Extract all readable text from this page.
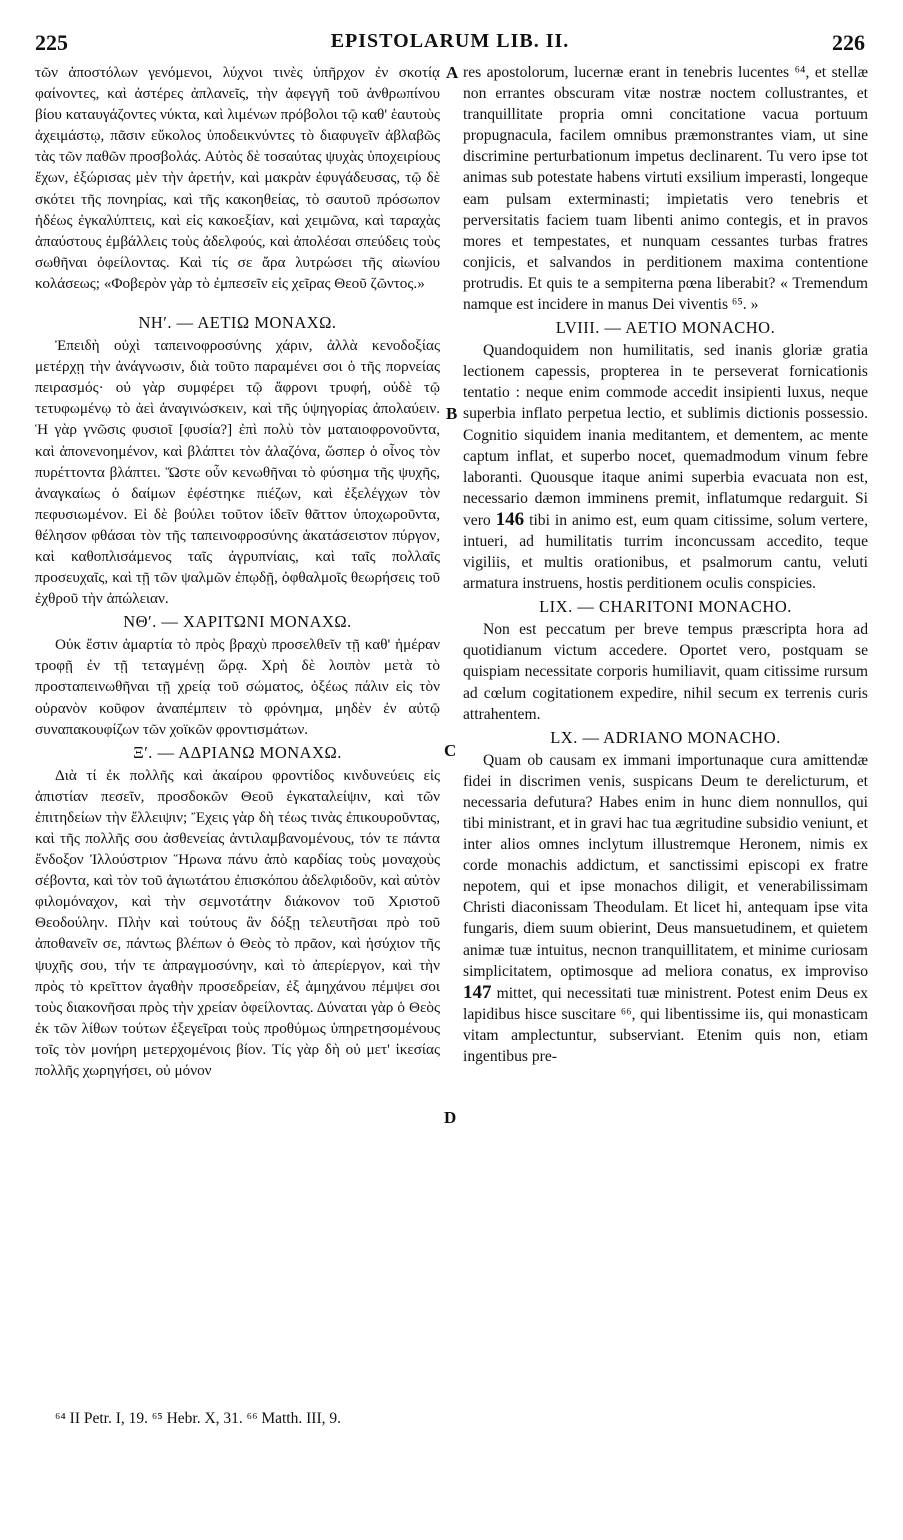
225	EPISTOLARUM LIB. II.	226
A
B
C
D

τῶν ἀποστόλων γενόμενοι, λύχνοι τινὲς ὑπῆρχον ἐν σκοτίᾳ φαίνοντες, καὶ ἀστέρες ἀπλανεῖς, τὴν ἀφεγγῆ τοῦ ἀνθρωπίνου βίου καταυγάζοντες νύκτα, καὶ λιμένων πρόβολοι τῷ καθ' ἑαυτοὺς ἀχειμάστῳ, πᾶσιν εὔκολος ὑποδεικνύντες τὸ διαφυγεῖν ἀβλαβῶς τὰς τῶν παθῶν προσβολάς. Αὐτὸς δὲ τοσαύτας ψυχὰς ὑποχειρίους ἔχων, ἐξώρισας μὲν τὴν ἀρετήν, καὶ μακρὰν ἐφυγάδευσας, τῷ δὲ σκότει τῆς πονηρίας, καὶ τῆς κακοηθείας, τὸ σαυτοῦ πρόσωπον ἡδέως ἐγκαλύπτεις, καὶ εἰς κακοεξίαν, καὶ χειμῶνα, καὶ ταραχὰς ἀπαύστους ἐμβάλλεις τοὺς ἀδελφούς, καὶ ἀπολέσαι σπεύδεις τοὺς σωθῆναι ὀφείλοντας. Καὶ τίς σε ἄρα λυτρώσει τῆς αἰωνίου κολάσεως; «Φοβερὸν γὰρ τὸ ἐμπεσεῖν εἰς χεῖρας Θεοῦ ζῶντος.»

ΝΗʹ. — ΑΕΤΙΩ ΜΟΝΑΧΩ.

Ἐπειδὴ οὐχὶ ταπεινοφροσύνης χάριν, ἀλλὰ κενοδοξίας μετέρχῃ τὴν ἀνάγνωσιν, διὰ τοῦτο παραμένει σοι ὁ τῆς πορνείας πειρασμός· οὐ γὰρ συμφέρει τῷ ἄφρονι τρυφή, οὐδὲ τῷ τετυφωμένῳ τὸ ἀεὶ ἀναγινώσκειν, καὶ τῆς ὑψηγορίας ἀπολαύειν. Ἡ γὰρ γνῶσις φυσιοῖ [φυσία?] ἐπὶ πολὺ τὸν ματαιοφρονοῦντα, καὶ ἀπονενοημένον, καὶ βλάπτει τὸν ἀλαζόνα, ὥσπερ ὁ οἶνος τὸν πυρέττοντα βλάπτει. Ὥστε οὖν κενωθῆναι τὸ φύσημα τῆς ψυχῆς, ἀναγκαίως ὁ δαίμων ἐφέστηκε πιέζων, καὶ ἐξελέγχων τὸν πεφυσιωμένον. Εἰ δὲ βούλει τοῦτον ἰδεῖν θᾶττον ὑποχωροῦντα, θέλησον φθάσαι τὸν τῆς ταπεινοφροσύνης ἀκατάσειστον πύργον, καὶ καθοπλισάμενος ταῖς ἀγρυπνίαις, καὶ ταῖς πολλαῖς προσευχαῖς, καὶ τῇ τῶν ψαλμῶν ἐπῳδῇ, ὀφθαλμοῖς θεωρήσεις τοῦ ἐχθροῦ τὴν ἀπώλειαν.

ΝΘʹ. — ΧΑΡΙΤΩΝΙ ΜΟΝΑΧΩ.

Οὐκ ἔστιν ἁμαρτία τὸ πρὸς βραχὺ προσελθεῖν τῇ καθ' ἡμέραν τροφῇ ἐν τῇ τεταγμένῃ ὥρᾳ. Χρὴ δὲ λοιπὸν μετὰ τὸ προσταπεινωθῆναι τῇ χρείᾳ τοῦ σώματος, ὀξέως πάλιν εἰς τὸν οὐρανὸν κοῦφον ἀναπέμπειν τὸ φρόνημα, μηδὲν ἐν αὐτῷ συναπακουφίζων τῶν χοϊκῶν φροντισμάτων.

Ξʹ. — ΑΔΡΙΑΝΩ ΜΟΝΑΧΩ.

Διὰ τί ἐκ πολλῆς καὶ ἀκαίρου φροντίδος κινδυνεύεις εἰς ἀπιστίαν πεσεῖν, προσδοκῶν Θεοῦ ἐγκαταλείψιν, καὶ τῶν ἐπιτηδείων τὴν ἔλλειψιν; Ἔχεις γὰρ δὴ τέως τινὰς ἐπικουροῦντας, καὶ τῆς πολλῆς σου ἀσθενείας ἀντιλαμβανομένους, τόν τε πάντα ἔνδοξον Ἰλλούστριον Ἥρωνα πάνυ ἀπὸ καρδίας τοὺς μοναχοὺς σέβοντα, καὶ τὸν τοῦ ἁγιωτάτου ἐπισκόπου ἀδελφιδοῦν, καὶ αὐτὸν φιλομόναχον, καὶ τὴν σεμνοτάτην διάκονον τοῦ Χριστοῦ Θεοδούλην. Πλὴν καὶ τούτους ἂν δόξῃ τελευτῆσαι πρὸ τοῦ ἀποθανεῖν σε, πάντως βλέπων ὁ Θεὸς τὸ πρᾶον, καὶ ἡσύχιον τῆς ψυχῆς σου, τήν τε ἀπραγμοσύνην, καὶ τὸ ἀπερίεργον, καὶ τὴν πρὸς τὸ κρεῖττον ἀγαθὴν προσεδρείαν, ἐξ ἀμηχάνου πέμψει σοι τοὺς διακονῆσαι πρὸς τὴν χρείαν ὀφείλοντας. Δύναται γὰρ ὁ Θεὸς ἐκ τῶν λίθων τούτων ἐξεγεῖραι τοὺς προθύμως ὑπηρετησομένους τοῖς τὸν μονήρη μετερχομένοις βίον. Τίς γὰρ δὴ οὐ μετ' ἱκεσίας πολλῆς χωρηγήσει, οὐ μόνον

res apostolorum, lucernæ erant in tenebris lucentes ⁶⁴, et stellæ non errantes obscuram vitæ nostræ noctem collustrantes, et tranquillitate propria omni concitatione vacua portuum propugnacula, facilem omnibus præmonstrantes viam, ut sine discrimine perturbationum impetus declinarent. Tu vero ipse tot animas sub potestate habens virtuti exsilium imperasti, longeque eam pulsam exterminasti; impietatis vero tenebris et perversitatis faciem tuam libenti animo contegis, et in pravos mores et tempestates, et nunquam cessantes turbas fratres conjicis, et salvandos in perditionem maxima contentione protrudis. Et quis te a sempiterna pœna liberabit? « Tremendum namque est incidere in manus Dei viventis ⁶⁵. »

LVIII. — AETIO MONACHO.

Quandoquidem non humilitatis, sed inanis gloriæ gratia lectionem capessis, propterea in te perseverat fornicationis tentatio : neque enim commode accedit insipienti luxus, neque superbia inflato perpetua lectio, et sublimis dictionis possessio. Cognitio siquidem inania meditantem, et dementem, ac mente captum inflat, et superbo nocet, quemadmodum vinum febre laboranti. Quousque itaque animi superbia evacuata non est, necessario dæmon imminens premit, inflatumque redarguit. Si vero 146 tibi in animo est, eum quam citissime, solum vertere, intueri, ad humilitatis turrim inconcussam accedito, teque vigiliis, et multis orationibus, et psalmorum cantu, veluti armatura instruens, hostis perditionem oculis conspicies.

LIX. — CHARITONI MONACHO.

Non est peccatum per breve tempus præscripta hora ad quotidianum victum accedere. Oportet vero, postquam se quispiam necessitate corporis humiliavit, quam citissime rursum ad cœlum cogitationem expedire, nihil secum ex terrenis curis attrahentem.

LX. — ADRIANO MONACHO.

Quam ob causam ex immani importunaque cura amittendæ fidei in discrimen venis, suspicans Deum te derelicturum, et necessaria defutura? Habes enim in hunc diem nonnullos, qui tibi ministrant, et in gravi hac tua ægritudine subsidio veniunt, et inter alios omnes inclytum illustremque Heronem, nimis ex corde monachis addictum, et sanctissimi episcopi ex fratre nepotem, qui et ipse monachos diligit, et venerabilissimam Christi diaconissam Theodulam. Et licet hi, antequam ipse vita fungaris, diem suum obierint, Deus mansuetudinem, et quietem animæ tuæ intuitus, necnon tranquillitatem, et minime curiosam simplicitatem, optimosque ad meliora conatus, ex improviso 147 mittet, qui necessitati tuæ ministrent. Potest enim Deus ex lapidibus hisce suscitare ⁶⁶, qui libentissime iis, qui monasticam vitam amplectuntur, subserviant. Etenim quis non, etiam ingentibus pre-

⁶⁴ II Petr. I, 19. ⁶⁵ Hebr. X, 31. ⁶⁶ Matth. III, 9.
